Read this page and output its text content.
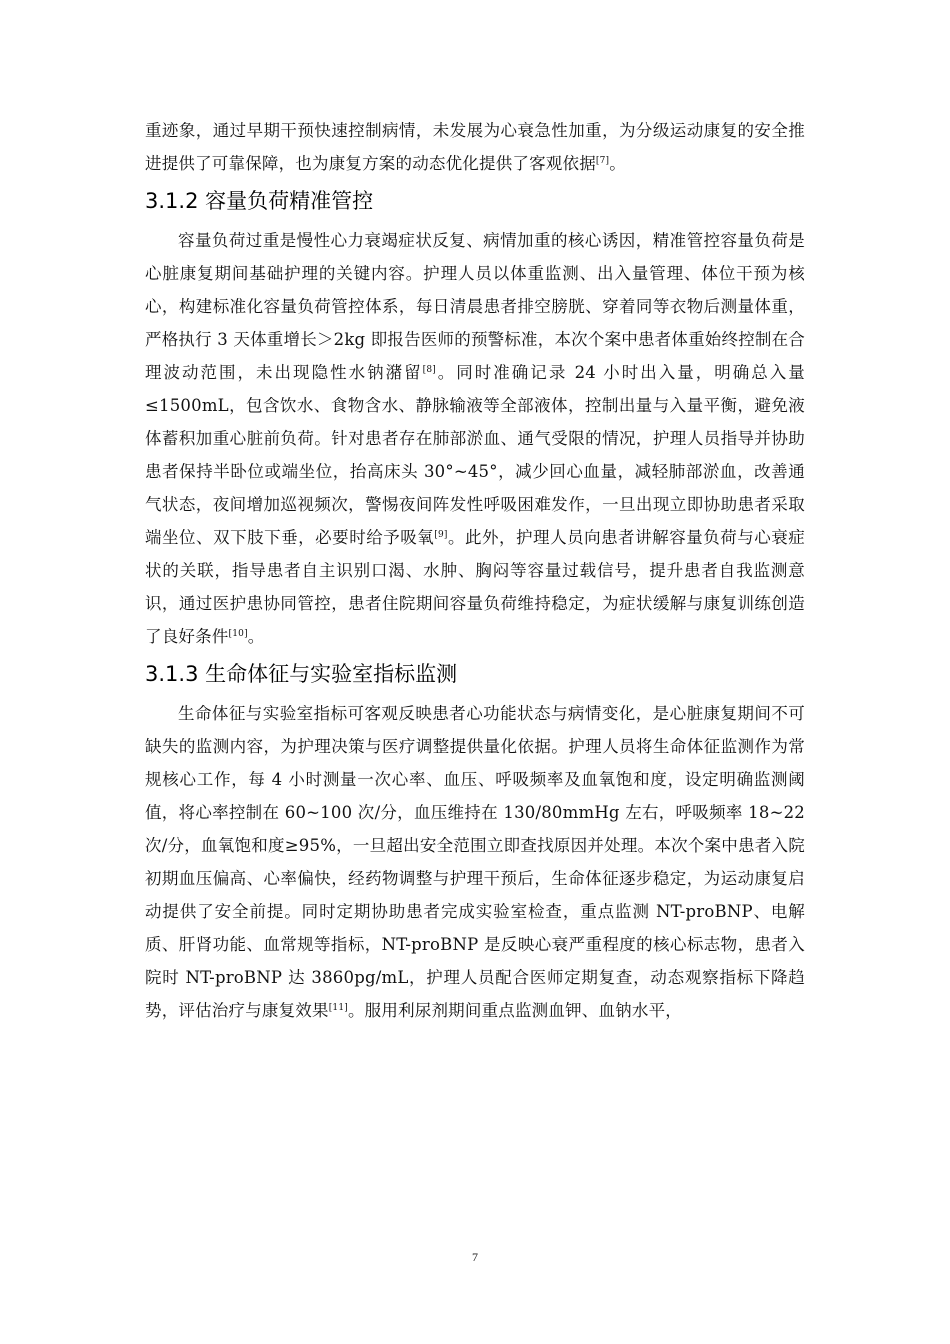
重迹象，通过早期干预快速控制病情，未发展为心衰急性加重，为分级运动康复的安全推进提供了可靠保障，也为康复方案的动态优化提供了客观依据[7]。

3.1.2 容量负荷精准管控

容量负荷过重是慢性心力衰竭症状反复、病情加重的核心诱因，精准管控容量负荷是心脏康复期间基础护理的关键内容。护理人员以体重监测、出入量管理、体位干预为核心，构建标准化容量负荷管控体系，每日清晨患者排空膀胱、穿着同等衣物后测量体重，严格执行 3 天体重增长＞2kg 即报告医师的预警标准，本次个案中患者体重始终控制在合理波动范围，未出现隐性水钠潴留[8]。同时准确记录 24 小时出入量，明确总入量≤1500mL，包含饮水、食物含水、静脉输液等全部液体，控制出量与入量平衡，避免液体蓄积加重心脏前负荷。针对患者存在肺部淤血、通气受限的情况，护理人员指导并协助患者保持半卧位或端坐位，抬高床头 30°~45°，减少回心血量，减轻肺部淤血，改善通气状态，夜间增加巡视频次，警惕夜间阵发性呼吸困难发作，一旦出现立即协助患者采取端坐位、双下肢下垂，必要时给予吸氧[9]。此外，护理人员向患者讲解容量负荷与心衰症状的关联，指导患者自主识别口渴、水肿、胸闷等容量过载信号，提升患者自我监测意识，通过医护患协同管控，患者住院期间容量负荷维持稳定，为症状缓解与康复训练创造了良好条件[10]。

3.1.3 生命体征与实验室指标监测

生命体征与实验室指标可客观反映患者心功能状态与病情变化，是心脏康复期间不可缺失的监测内容，为护理决策与医疗调整提供量化依据。护理人员将生命体征监测作为常规核心工作，每 4 小时测量一次心率、血压、呼吸频率及血氧饱和度，设定明确监测阈值，将心率控制在 60~100 次/分，血压维持在 130/80mmHg 左右，呼吸频率 18~22 次/分，血氧饱和度≥95%，一旦超出安全范围立即查找原因并处理。本次个案中患者入院初期血压偏高、心率偏快，经药物调整与护理干预后，生命体征逐步稳定，为运动康复启动提供了安全前提。同时定期协助患者完成实验室检查，重点监测 NT-proBNP、电解质、肝肾功能、血常规等指标，NT-proBNP 是反映心衰严重程度的核心标志物，患者入院时 NT-proBNP 达 3860pg/mL，护理人员配合医师定期复查，动态观察指标下降趋势，评估治疗与康复效果[11]。服用利尿剂期间重点监测血钾、血钠水平，

7
